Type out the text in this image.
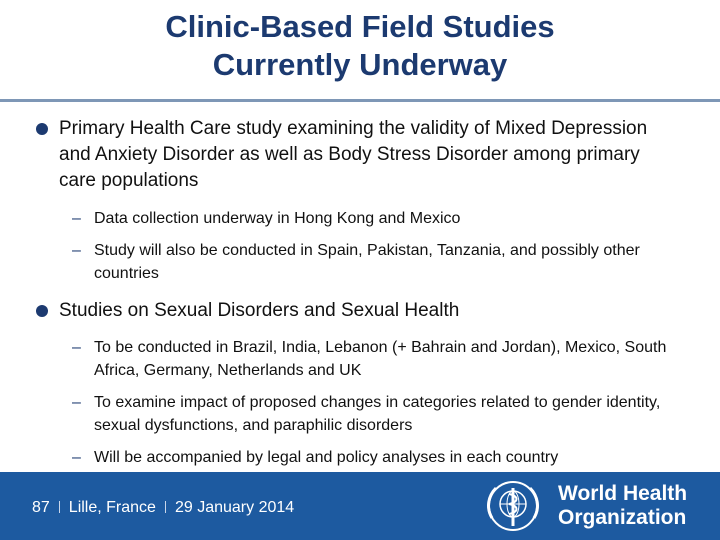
Clinic-Based Field Studies
Currently Underway
Primary Health Care study examining the validity of Mixed Depression and Anxiety Disorder as well as Body Stress Disorder among primary care populations
– Data collection underway in Hong Kong and Mexico
– Study will also be conducted in Spain, Pakistan, Tanzania, and possibly other countries
Studies on Sexual Disorders and Sexual Health
– To be conducted in Brazil, India, Lebanon (+ Bahrain and Jordan), Mexico, South Africa, Germany, Netherlands and UK
– To examine impact of proposed changes in categories related to gender identity, sexual dysfunctions, and paraphilic disorders
– Will be accompanied by legal and policy analyses in each country
87 Lille, France 29 January 2014
World Health
Organization
